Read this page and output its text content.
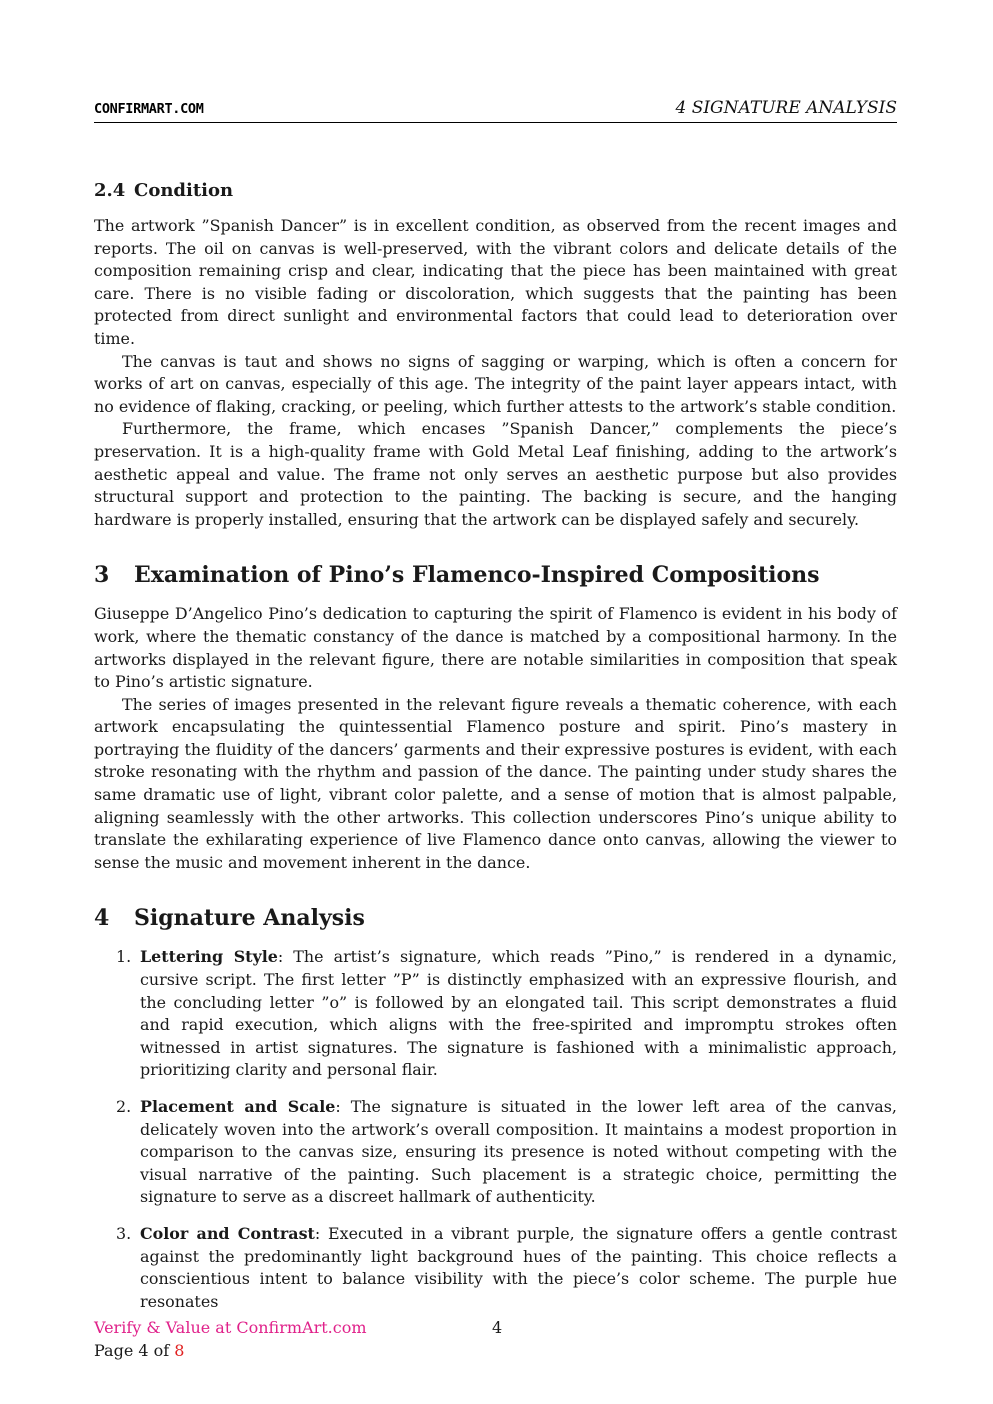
CONFIRMART.COM	4 SIGNATURE ANALYSIS
2.4 Condition

The artwork ”Spanish Dancer” is in excellent condition, as observed from the recent images and reports. The oil on canvas is well-preserved, with the vibrant colors and delicate details of the composition remaining crisp and clear, indicating that the piece has been maintained with great care. There is no visible fading or discoloration, which suggests that the painting has been protected from direct sunlight and environmental factors that could lead to deterioration over time.

The canvas is taut and shows no signs of sagging or warping, which is often a concern for works of art on canvas, especially of this age. The integrity of the paint layer appears intact, with no evidence of flaking, cracking, or peeling, which further attests to the artwork’s stable condition.

Furthermore, the frame, which encases ”Spanish Dancer,” complements the piece’s preservation. It is a high-quality frame with Gold Metal Leaf finishing, adding to the artwork’s aesthetic appeal and value. The frame not only serves an aesthetic purpose but also provides structural support and protection to the painting. The backing is secure, and the hanging hardware is properly installed, ensuring that the artwork can be displayed safely and securely.

3 Examination of Pino’s Flamenco-Inspired Compositions

Giuseppe D’Angelico Pino’s dedication to capturing the spirit of Flamenco is evident in his body of work, where the thematic constancy of the dance is matched by a compositional harmony. In the artworks displayed in the relevant figure, there are notable similarities in composition that speak to Pino’s artistic signature.

The series of images presented in the relevant figure reveals a thematic coherence, with each artwork encapsulating the quintessential Flamenco posture and spirit. Pino’s mastery in portraying the fluidity of the dancers’ garments and their expressive postures is evident, with each stroke resonating with the rhythm and passion of the dance. The painting under study shares the same dramatic use of light, vibrant color palette, and a sense of motion that is almost palpable, aligning seamlessly with the other artworks. This collection underscores Pino’s unique ability to translate the exhilarating experience of live Flamenco dance onto canvas, allowing the viewer to sense the music and movement inherent in the dance.

4 Signature Analysis
1. Lettering Style: The artist’s signature, which reads ”Pino,” is rendered in a dynamic, cursive script. The first letter ”P” is distinctly emphasized with an expressive flourish, and the concluding letter ”o” is followed by an elongated tail. This script demonstrates a fluid and rapid execution, which aligns with the free-spirited and impromptu strokes often witnessed in artist signatures. The signature is fashioned with a minimalistic approach, prioritizing clarity and personal flair.

2. Placement and Scale: The signature is situated in the lower left area of the canvas, delicately woven into the artwork’s overall composition. It maintains a modest proportion in comparison to the canvas size, ensuring its presence is noted without competing with the visual narrative of the painting. Such placement is a strategic choice, permitting the signature to serve as a discreet hallmark of authenticity.

3. Color and Contrast: Executed in a vibrant purple, the signature offers a gentle contrast against the predominantly light background hues of the painting. This choice reflects a conscientious intent to balance visibility with the piece’s color scheme. The purple hue resonates

Verify & Value at ConfirmArt.com	4
Page 4 of 8
